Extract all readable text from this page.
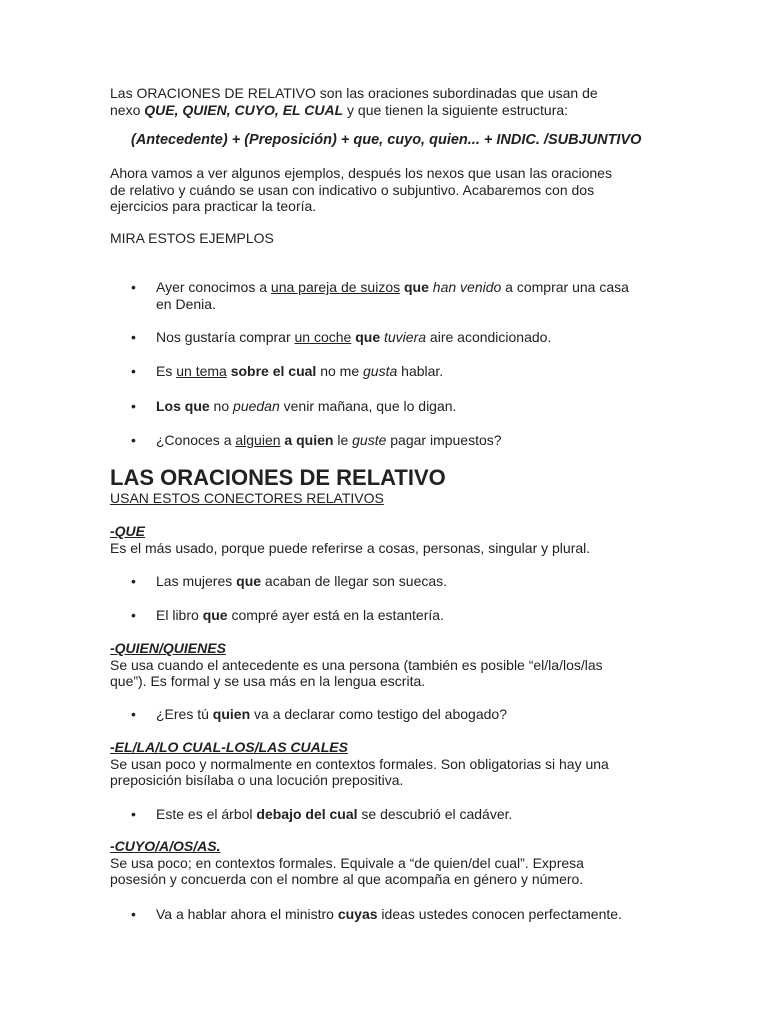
Las ORACIONES DE RELATIVO son las oraciones subordinadas que usan de
nexo QUE, QUIEN, CUYO, EL CUAL y que tienen la siguiente estructura:
(Antecedente) + (Preposición) + que, cuyo, quien... + INDIC. /SUBJUNTIVO
Ahora vamos a ver algunos ejemplos, después los nexos que usan las oraciones
de relativo y cuándo se usan con indicativo o subjuntivo. Acabaremos con dos
ejercicios para practicar la teoría.
MIRA ESTOS EJEMPLOS
•	Ayer conocimos a una pareja de suizos que han venido a comprar una casa
en Denia.
•	Nos gustaría comprar un coche que tuviera aire acondicionado.
•	Es un tema sobre el cual no me gusta hablar.
•	Los que no puedan venir mañana, que lo digan.
•	¿Conoces a alguien a quien le guste pagar impuestos?
LAS ORACIONES DE RELATIVO
USAN ESTOS CONECTORES RELATIVOS
-QUE
Es el más usado, porque puede referirse a cosas, personas, singular y plural.
•	Las mujeres que acaban de llegar son suecas.
•	El libro que compré ayer está en la estantería.
-QUIEN/QUIENES
Se usa cuando el antecedente es una persona (también es posible “el/la/los/las
que”). Es formal y se usa más en la lengua escrita.
•	¿Eres tú quien va a declarar como testigo del abogado?
-EL/LA/LO CUAL-LOS/LAS CUALES
Se usan poco y normalmente en contextos formales. Son obligatorias si hay una
preposición bisílaba o una locución prepositiva.
•	Este es el árbol debajo del cual se descubrió el cadáver.
-CUYO/A/OS/AS.
Se usa poco; en contextos formales. Equivale a “de quien/del cual”. Expresa
posesión y concuerda con el nombre al que acompaña en género y número.
•	Va a hablar ahora el ministro cuyas ideas ustedes conocen perfectamente.
